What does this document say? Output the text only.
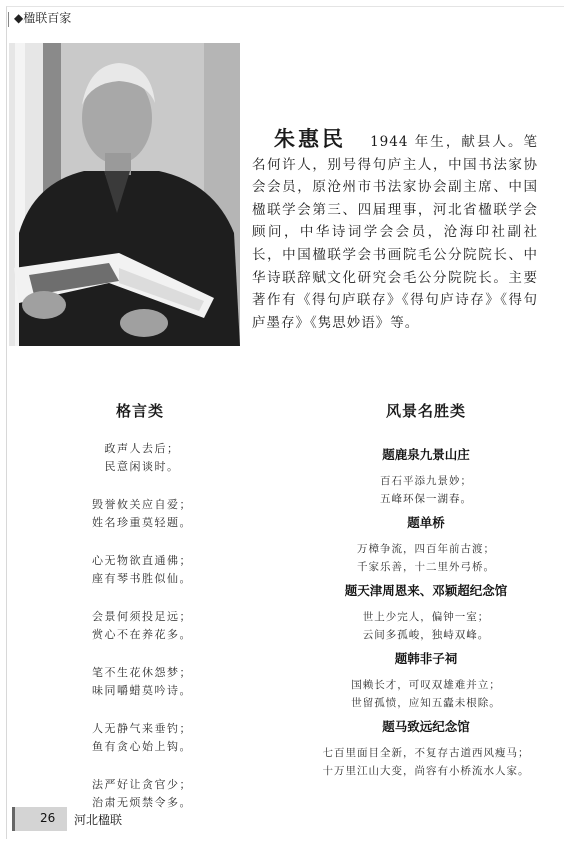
◆楹联百家
朱惠民 1944 年生，献县人。笔名何许人，别号得句庐主人，中国书法家协会会员，原沧州市书法家协会副主席、中国楹联学会第三、四届理事，河北省楹联学会顾问，中华诗词学会会员，沧海印社副社长，中国楹联学会书画院毛公分院院长、中华诗联辞赋文化研究会毛公分院院长。主要著作有《得句庐联存》《得句庐诗存》《得句庐墨存》《隽思妙语》等。
格言类	风景名胜类
政声人去后；
民意闲谈时。
毁誉攸关应自爱；
姓名珍重莫轻题。
心无物欲直通佛；
座有琴书胜似仙。
会景何须投足远；
赏心不在养花多。
笔不生花休怨梦；
味同嚼蜡莫吟诗。
人无静气来垂钓；
鱼有贪心始上钩。
法严好让贪官少；
治肃无烦禁令多。
题鹿泉九景山庄
百石平添九景妙；
五峰环保一湖春。
题单桥
万樟争流，四百年前古渡；
千家乐善，十二里外弓桥。
题天津周恩来、邓颖超纪念馆
世上少完人，偏钟一室；
云间多孤峻，独峙双峰。
题韩非子祠
国赖长才，可叹双雄难并立；
世留孤愤，应知五蠹未根除。
题马致远纪念馆
七百里面目全新，不复存古道西风瘦马；
十万里江山大变，尚容有小桥流水人家。
26 河北楹联
